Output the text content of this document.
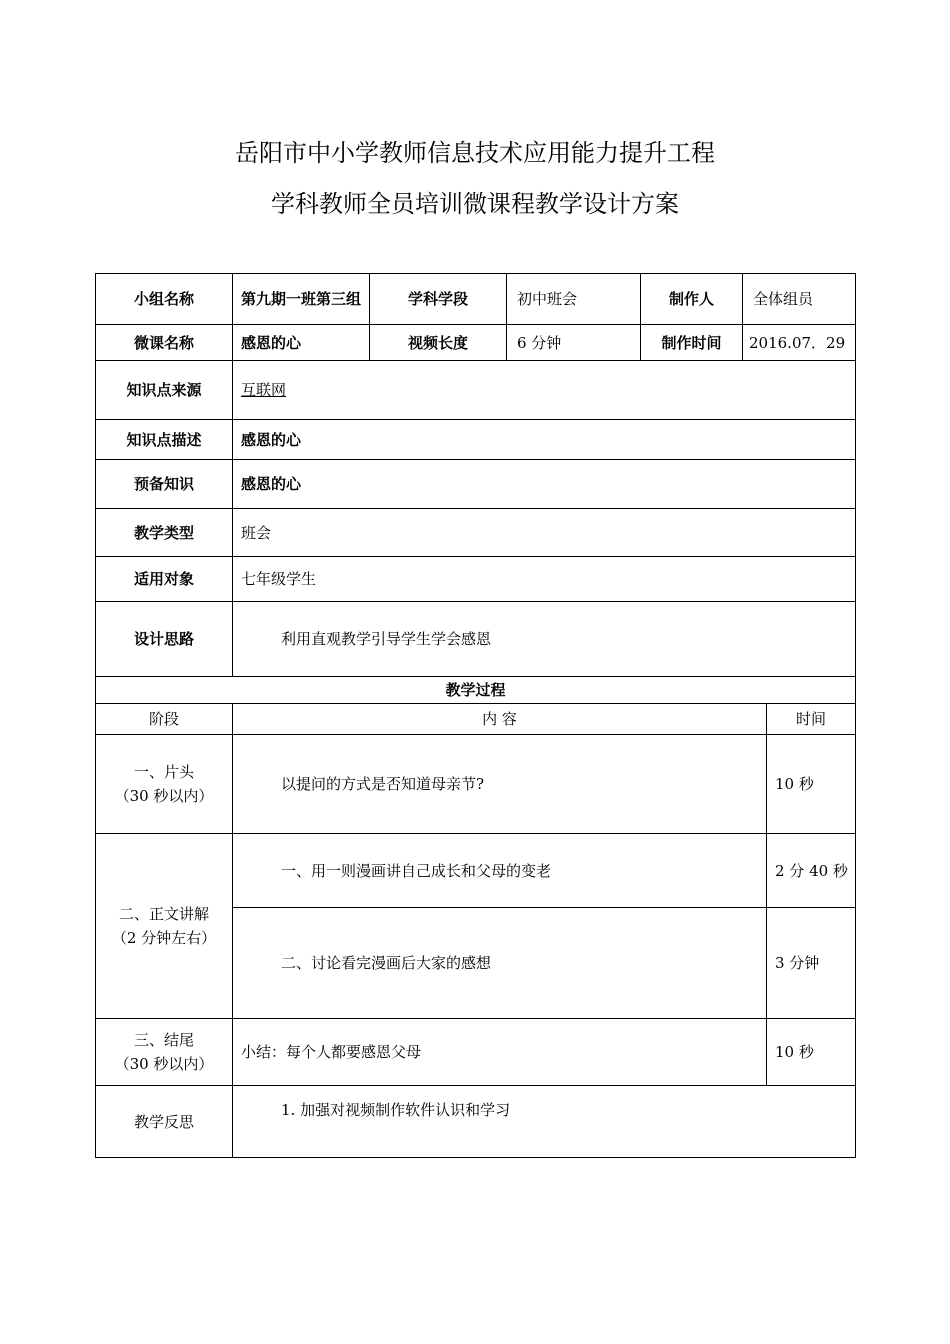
岳阳市中小学教师信息技术应用能力提升工程
学科教师全员培训微课程教学设计方案
小组名称	第九期一班第三组	学科学段	初中班会	制作人	全体组员
微课名称	感恩的心	视频长度	6 分钟	制作时间	2016.07．29
知识点来源	互联网				
知识点描述	感恩的心				
预备知识	感恩的心				
教学类型	班会				
适用对象	七年级学生				
设计思路	利用直观教学引导学生学会感恩				
教学过程		
阶段	内 容	时间

一、片头
（30 秒以内）	以提问的方式是否知道母亲节?	10 秒

二、正文讲解
（2 分钟左右）	一、用一则漫画讲自己成长和父母的变老	2 分 40 秒
	二、讨论看完漫画后大家的感想	3 分钟

三、结尾
（30 秒以内）	小结：每个人都要感恩父母	10 秒
教学反思	1. 加强对视频制作软件认识和学习	
